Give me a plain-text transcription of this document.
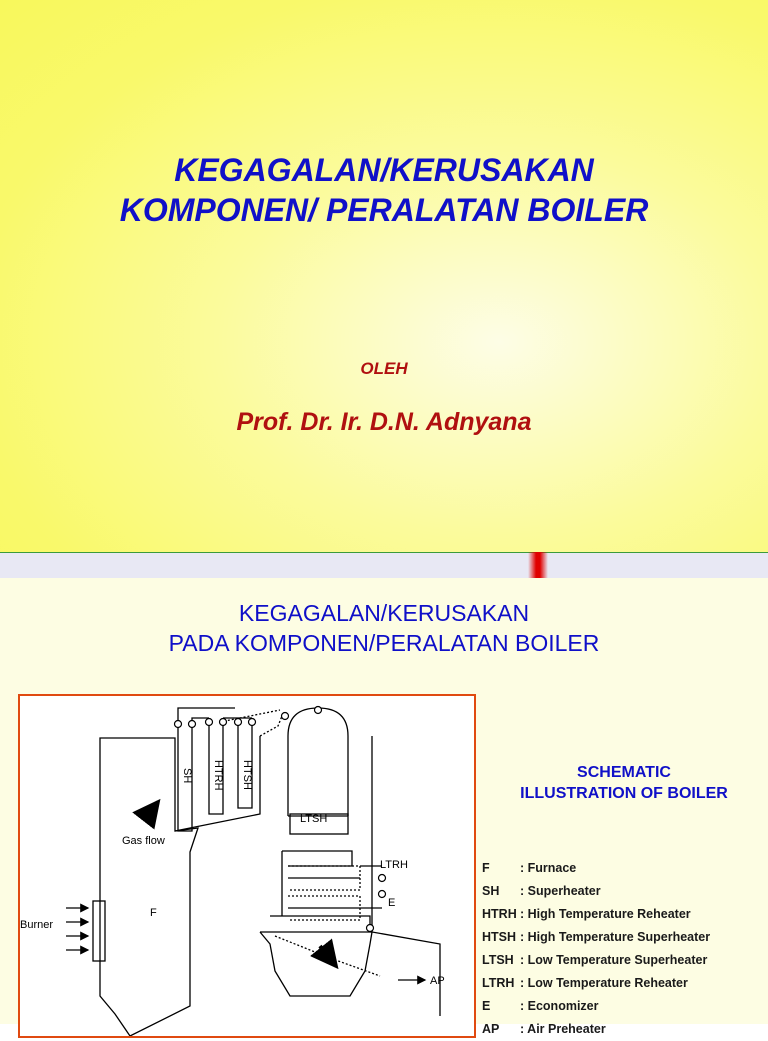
KEGAGALAN/KERUSAKAN
KOMPONEN/ PERALATAN BOILER
OLEH
Prof. Dr. Ir. D.N. Adnyana
KEGAGALAN/KERUSAKAN
PADA KOMPONEN/PERALATAN BOILER
SH HTRH HTSH
LTSH
LTRH
E
Gas flow
F
Burner
AP
SCHEMATIC
ILLUSTRATION OF BOILER
F : Furnace
SH : Superheater
HTRH : High Temperature Reheater
HTSH : High Temperature Superheater
LTSH : Low Temperature Superheater
LTRH : Low Temperature Reheater
E : Economizer
AP : Air Preheater
